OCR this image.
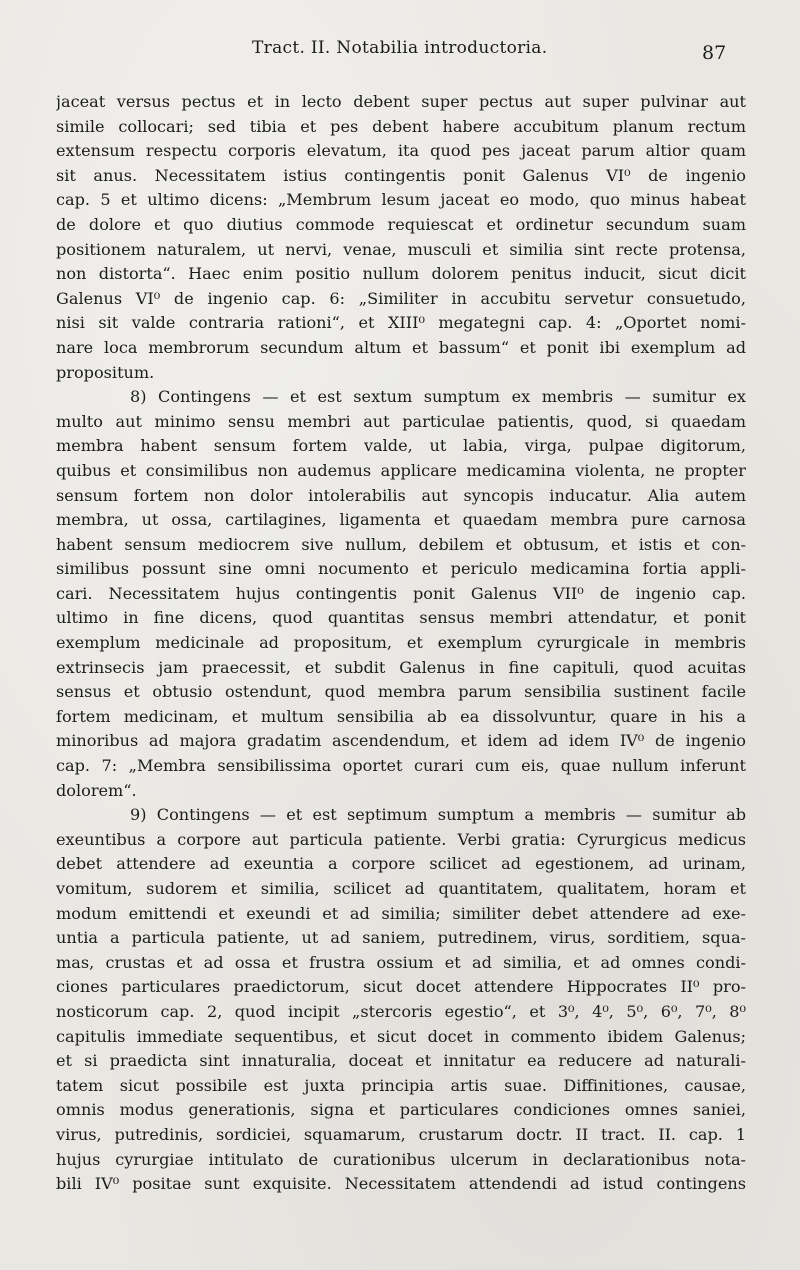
Tract. II. Notabilia introductoria.	87
jaceat versus pectus et in lecto debent super pectus aut super pulvinar aut
simile collocari; sed tibia et pes debent habere accubitum planum rectum
extensum respectu corporis elevatum, ita quod pes jaceat parum altior quam
sit anus. Necessitatem istius contingentis ponit Galenus VI⁰ de ingenio
cap. 5 et ultimo dicens: „Membrum lesum jaceat eo modo, quo minus habeat
de dolore et quo diutius commode requiescat et ordinetur secundum suam
positionem naturalem, ut nervi, venae, musculi et similia sint recte protensa,
non distorta“. Haec enim positio nullum dolorem penitus inducit, sicut dicit
Galenus VI⁰ de ingenio cap. 6: „Similiter in accubitu servetur consuetudo,
nisi sit valde contraria rationi“, et XIII⁰ megategni cap. 4: „Oportet nomi-
nare loca membrorum secundum altum et bassum“ et ponit ibi exemplum ad
propositum.
8) Contingens — et est sextum sumptum ex membris — sumitur ex
multo aut minimo sensu membri aut particulae patientis, quod, si quaedam
membra habent sensum fortem valde, ut labia, virga, pulpae digitorum,
quibus et consimilibus non audemus applicare medicamina violenta, ne propter
sensum fortem non dolor intolerabilis aut syncopis inducatur. Alia autem
membra, ut ossa, cartilagines, ligamenta et quaedam membra pure carnosa
habent sensum mediocrem sive nullum, debilem et obtusum, et istis et con-
similibus possunt sine omni nocumento et periculo medicamina fortia appli-
cari. Necessitatem hujus contingentis ponit Galenus VII⁰ de ingenio cap.
ultimo in fine dicens, quod quantitas sensus membri attendatur, et ponit
exemplum medicinale ad propositum, et exemplum cyrurgicale in membris
extrinsecis jam praecessit, et subdit Galenus in fine capituli, quod acuitas
sensus et obtusio ostendunt, quod membra parum sensibilia sustinent facile
fortem medicinam, et multum sensibilia ab ea dissolvuntur, quare in his a
minoribus ad majora gradatim ascendendum, et idem ad idem IV⁰ de ingenio
cap. 7: „Membra sensibilissima oportet curari cum eis, quae nullum inferunt
dolorem“.
9) Contingens — et est septimum sumptum a membris — sumitur ab
exeuntibus a corpore aut particula patiente. Verbi gratia: Cyrurgicus medicus
debet attendere ad exeuntia a corpore scilicet ad egestionem, ad urinam,
vomitum, sudorem et similia, scilicet ad quantitatem, qualitatem, horam et
modum emittendi et exeundi et ad similia; similiter debet attendere ad exe-
untia a particula patiente, ut ad saniem, putredinem, virus, sorditiem, squa-
mas, crustas et ad ossa et frustra ossium et ad similia, et ad omnes condi-
ciones particulares praedictorum, sicut docet attendere Hippocrates II⁰ pro-
nosticorum cap. 2, quod incipit „stercoris egestio“, et 3⁰, 4⁰, 5⁰, 6⁰, 7⁰, 8⁰
capitulis immediate sequentibus, et sicut docet in commento ibidem Galenus;
et si praedicta sint innaturalia, doceat et innitatur ea reducere ad naturali-
tatem sicut possibile est juxta principia artis suae. Diffinitiones, causae,
omnis modus generationis, signa et particulares condiciones omnes saniei,
virus, putredinis, sordiciei, squamarum, crustarum doctr. II tract. II. cap. 1
hujus cyrurgiae intitulato de curationibus ulcerum in declarationibus nota-
bili IV⁰ positae sunt exquisite. Necessitatem attendendi ad istud contingens
